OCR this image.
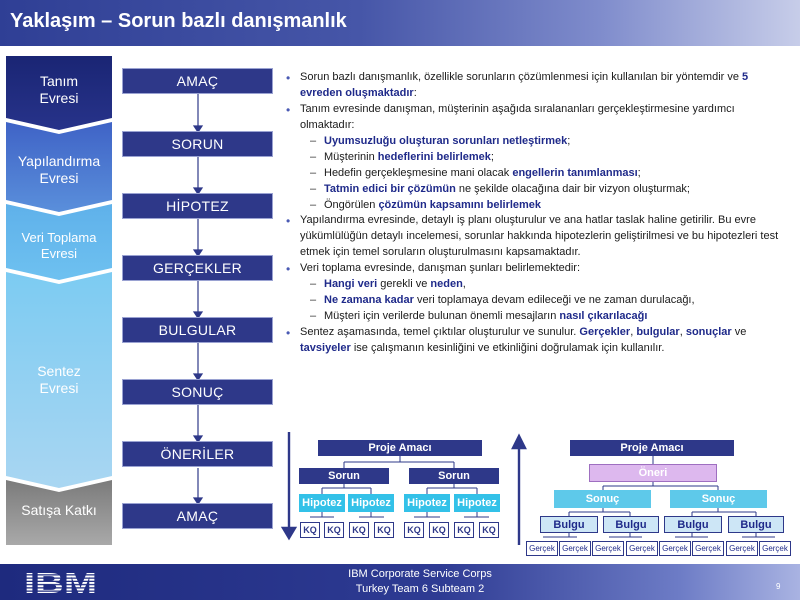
Yaklaşım – Sorun bazlı danışmanlık
Tanım
Evresi
Yapılandırma
Evresi
Veri Toplama
Evresi
Sentez
Evresi
Satışa Katkı
AMAÇ
SORUN
HİPOTEZ
GERÇEKLER
BULGULAR
SONUÇ
ÖNERİLER
AMAÇ
• Sorun bazlı danışmanlık, özellikle sorunların çözümlenmesi için kullanılan bir yöntemdir ve 5 evreden oluşmaktadır:
• Tanım evresinde danışman, müşterinin aşağıda sıralananları gerçekleştirmesine yardımcı olmaktadır:
– Uyumsuzluğu oluşturan sorunları netleştirmek;
– Müşterinin hedeflerini belirlemek;
– Hedefin gerçekleşmesine mani olacak engellerin tanımlanması;
– Tatmin edici bir çözümün ne şekilde olacağına dair bir vizyon oluşturmak;
– Öngörülen çözümün kapsamını belirlemek
• Yapılandırma evresinde, detaylı iş planı oluşturulur ve ana hatlar taslak haline getirilir. Bu evre yükümlülüğün detaylı incelemesi, sorunlar hakkında hipotezlerin geliştirilmesi ve bu hipotezleri test etmek için temel soruların oluşturulmasını kapsamaktadır.
• Veri toplama evresinde, danışman şunları belirlemektedir:
– Hangi veri gerekli ve neden,
– Ne zamana kadar veri toplamaya devam edileceği ve ne zaman durulacağı,
– Müşteri için verilerde bulunan önemli mesajların nasıl çıkarılacağı
• Sentez aşamasında, temel çıktılar oluşturulur ve sunulur. Gerçekler, bulgular, sonuçlar ve tavsiyeler ise çalışmanın kesinliğini ve etkinliğini doğrulamak için kullanılır.
Proje Amacı
Sorun	Sorun
Hipotez Hipotez Hipotez Hipotez
KQ	KQ	KQ	KQ	KQ	KQ	KQ	KQ
Proje Amacı
Öneri
Sonuç	Sonuç
Bulgu	Bulgu	Bulgu	Bulgu
Gerçek Gerçek Gerçek	Gerçek Gerçek Gerçek	Gerçek Gerçek
IBM	IBM Corporate Service Corps
Turkey Team 6 Subteam 2	9
